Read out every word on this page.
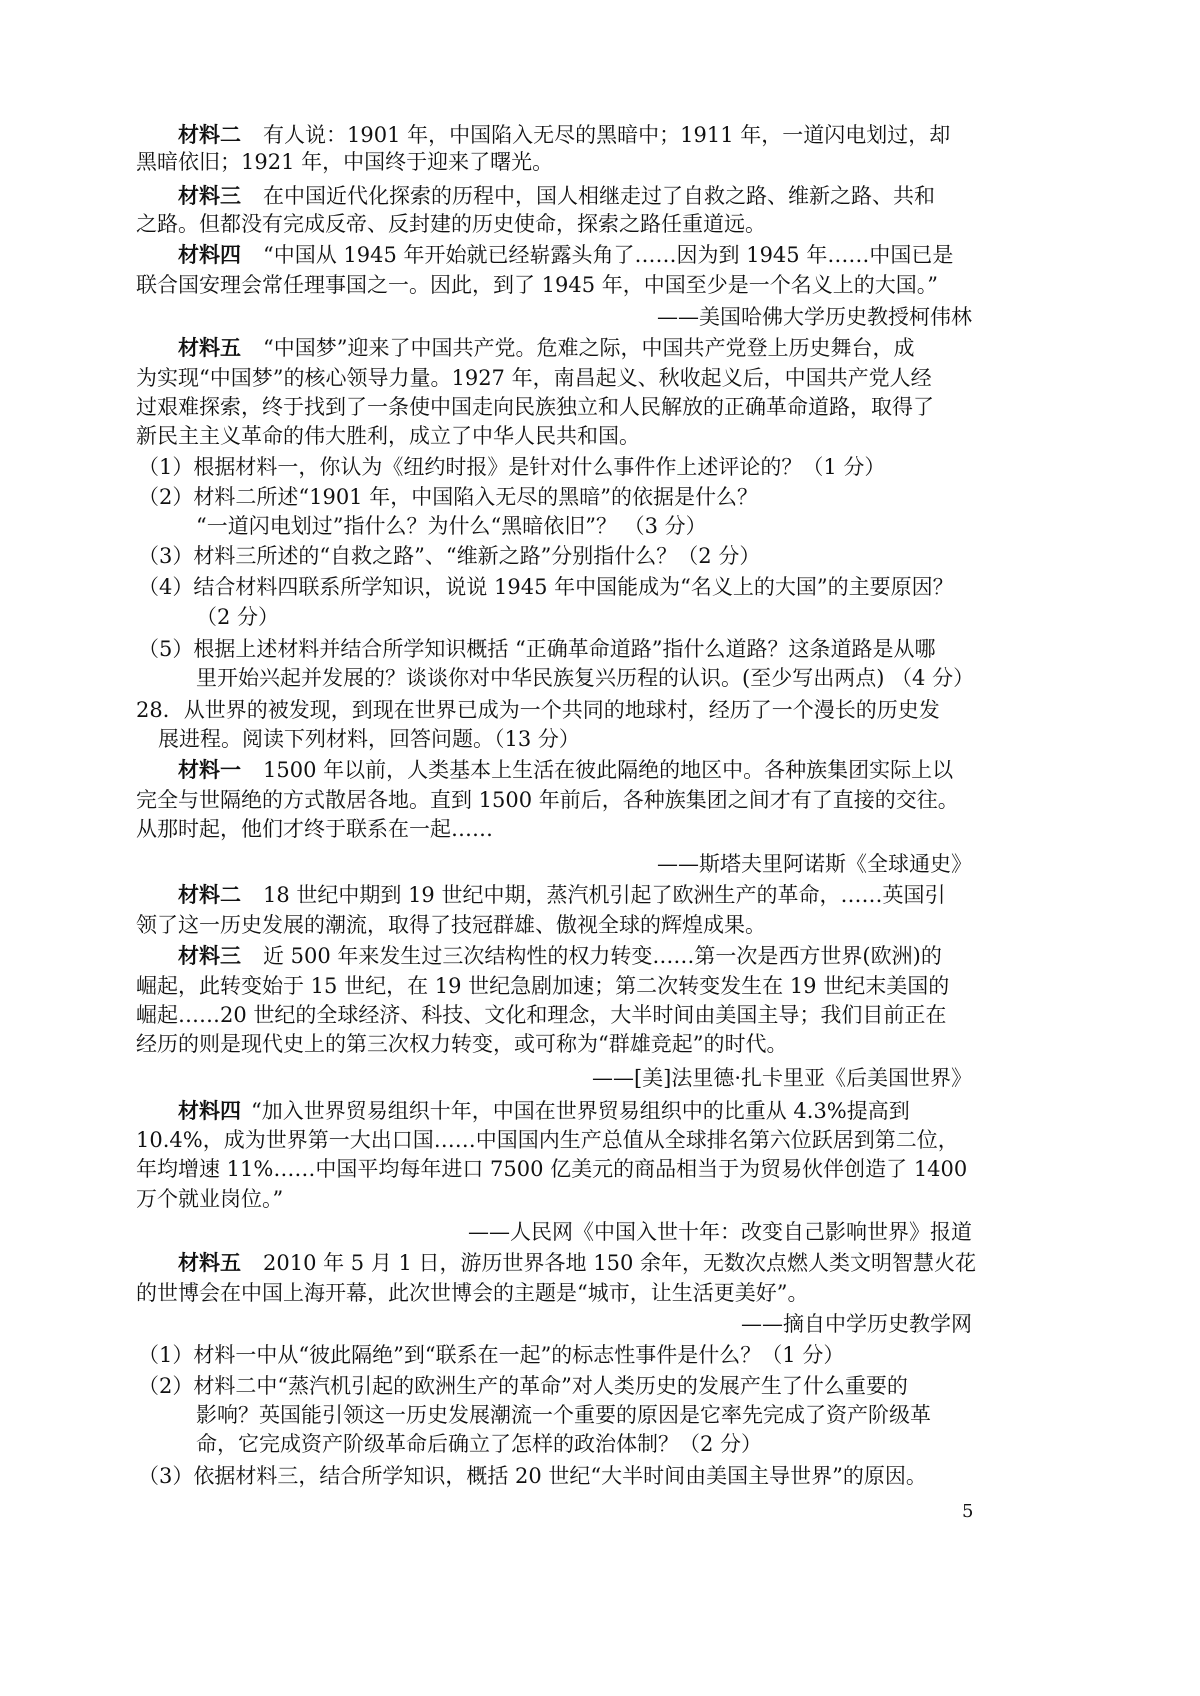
材料二 有人说：1901 年，中国陷入无尽的黑暗中；1911 年，一道闪电划过，却
黑暗依旧；1921 年，中国终于迎来了曙光。
材料三 在中国近代化探索的历程中，国人相继走过了自救之路、维新之路、共和
之路。但都没有完成反帝、反封建的历史使命，探索之路任重道远。
材料四 “中国从 1945 年开始就已经崭露头角了……因为到 1945 年……中国已是
联合国安理会常任理事国之一。因此，到了 1945 年，中国至少是一个名义上的大国。”
——美国哈佛大学历史教授柯伟林
材料五 “中国梦”迎来了中国共产党。危难之际，中国共产党登上历史舞台，成
为实现“中国梦”的核心领导力量。1927 年，南昌起义、秋收起义后，中国共产党人经
过艰难探索，终于找到了一条使中国走向民族独立和人民解放的正确革命道路，取得了
新民主主义革命的伟大胜利，成立了中华人民共和国。
（1）根据材料一，你认为《纽约时报》是针对什么事件作上述评论的？（1 分）
（2）材料二所述“1901 年，中国陷入无尽的黑暗”的依据是什么？
“一道闪电划过”指什么？为什么“黑暗依旧”？ （3 分）
（3）材料三所述的“自救之路”、“维新之路”分别指什么？（2 分）
（4）结合材料四联系所学知识，说说 1945 年中国能成为“名义上的大国”的主要原因？
（2 分）
（5）根据上述材料并结合所学知识概括 “正确革命道路”指什么道路？这条道路是从哪
里开始兴起并发展的？谈谈你对中华民族复兴历程的认识。(至少写出两点) （4 分）
28．从世界的被发现，到现在世界已成为一个共同的地球村，经历了一个漫长的历史发
展进程。阅读下列材料，回答问题。（13 分）
材料一 1500 年以前，人类基本上生活在彼此隔绝的地区中。各种族集团实际上以
完全与世隔绝的方式散居各地。直到 1500 年前后，各种族集团之间才有了直接的交往。
从那时起，他们才终于联系在一起……
——斯塔夫里阿诺斯《全球通史》
材料二 18 世纪中期到 19 世纪中期，蒸汽机引起了欧洲生产的革命，……英国引
领了这一历史发展的潮流，取得了技冠群雄、傲视全球的辉煌成果。
材料三 近 500 年来发生过三次结构性的权力转变……第一次是西方世界(欧洲)的
崛起，此转变始于 15 世纪，在 19 世纪急剧加速；第二次转变发生在 19 世纪末美国的
崛起……20 世纪的全球经济、科技、文化和理念，大半时间由美国主导；我们目前正在
经历的则是现代史上的第三次权力转变，或可称为“群雄竞起”的时代。
——[美]法里德·扎卡里亚《后美国世界》
材料四 “加入世界贸易组织十年，中国在世界贸易组织中的比重从 4.3%提高到
10.4%，成为世界第一大出口国……中国国内生产总值从全球排名第六位跃居到第二位，
年均增速 11%……中国平均每年进口 7500 亿美元的商品相当于为贸易伙伴创造了 1400
万个就业岗位。”
——人民网《中国入世十年：改变自己影响世界》报道
材料五 2010 年 5 月 1 日，游历世界各地 150 余年，无数次点燃人类文明智慧火花
的世博会在中国上海开幕，此次世博会的主题是“城市，让生活更美好”。
——摘自中学历史教学网
（1）材料一中从“彼此隔绝”到“联系在一起”的标志性事件是什么？（1 分）
（2）材料二中“蒸汽机引起的欧洲生产的革命”对人类历史的发展产生了什么重要的
影响？英国能引领这一历史发展潮流一个重要的原因是它率先完成了资产阶级革
命，它完成资产阶级革命后确立了怎样的政治体制？（2 分）
5
（3）依据材料三，结合所学知识，概括 20 世纪“大半时间由美国主导世界”的原因。
